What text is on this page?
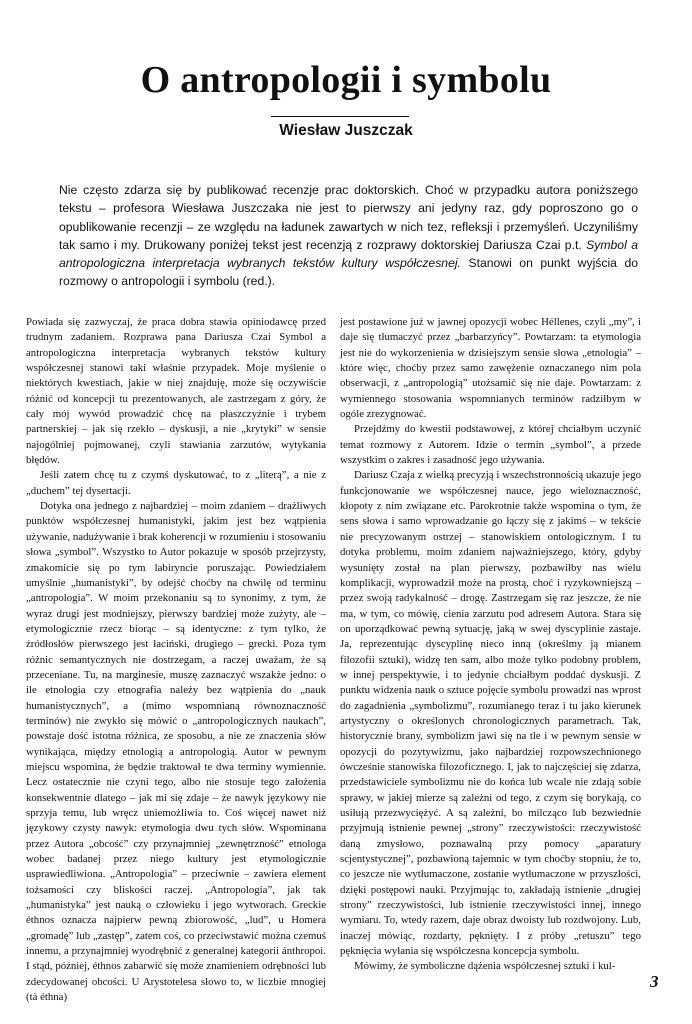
O antropologii i symbolu
Wiesław Juszczak
Nie często zdarza się by publikować recenzje prac doktorskich. Choć w przypadku autora poniższego tekstu – profesora Wiesława Juszczaka nie jest to pierwszy ani jedyny raz, gdy poproszono go o opublikowanie recenzji – ze względu na ładunek zawartych w nich tez, refleksji i przemyśleń. Uczyniliśmy tak samo i my. Drukowany poniżej tekst jest recenzją z rozprawy doktorskiej Dariusza Czai p.t. Symbol a antropologiczna interpretacja wybranych tekstów kultury współczesnej. Stanowi on punkt wyjścia do rozmowy o antropologii i symbolu (red.).

Powiada się zazwyczaj, że praca dobra stawia opiniodawcę przed trudnym zadaniem. Rozprawa pana Dariusza Czai Symbol a antropologiczna interpretacja wybranych tekstów kultury współczesnej stanowi taki właśnie przypadek. Moje myślenie o niektórych kwestiach, jakie w niej znajduję, może się oczywiście różnić od koncepcji tu prezentowanych, ale zastrzegam z góry, że cały mój wywód prowadzić chcę na płaszczyźnie i trybem partnerskiej – jak się rzekło – dyskusji, a nie „krytyki” w sensie najogólniej pojmowanej, czyli stawiania zarzutów, wytykania błędów.

Jeśli zatem chcę tu z czymś dyskutować, to z „literą”, a nie z „duchem” tej dysertacji.

Dotyka ona jednego z najbardziej – moim zdaniem – drażliwych punktów współczesnej humanistyki, jakim jest bez wątpienia używanie, nadużywanie i brak koherencji w rozumieniu i stosowaniu słowa „symbol”. Wszystko to Autor pokazuje w sposób przejrzysty, zmakomicie się po tym labiryncie poruszając. Powiedziałem umyślnie „humanistyki”, by odejść choćby na chwilę od terminu „antropologia”. W moim przekonaniu są to synonimy, z tym, że wyraz drugi jest modniejszy, pierwszy bardziej może zużyty, ale – etymologicznie rzecz biorąc – są identyczne: z tym tylko, że źródłosłów pierwszego jest łaciński, drugiego – grecki. Poza tym różnic semantycznych nie dostrzegam, a raczej uważam, że są przeceniane. Tu, na marginesie, muszę zaznaczyć wszakże jedno: o ile etnologia czy etnografia należy bez wątpienia do „nauk humanistycznych”, a (mimo wspomnianą równoznaczność terminów) nie zwykło się mówić o „antropologicznych naukach”, powstaje dość istotna różnica, ze sposobu, a nie ze znaczenia słów wynikająca, między etnologią a antropologią. Autor w pewnym miejscu wspomina, że będzie traktował te dwa terminy wymiennie. Lecz ostatecznie nie czyni tego, albo nie stosuje tego założenia konsekwentnie dlatego – jak mi się zdaje – że nawyk językowy nie sprzyja temu, lub wręcz uniemożliwia to. Coś więcej nawet niż językowy czysty nawyk: etymologia dwu tych słów. Wspominana przez Autora „obcość” czy przynajmniej „zewnętrzność” etnologa wobec badanej przez niego kultury jest etymologicznie usprawiedliwiona. „Antropologia” – przeciwnie – zawiera element tożsamości czy bliskości raczej. „Antropologia”, jak tak „humanistyka” jest nauką o człowieku i jego wytworach. Greckie éthnos oznacza najpierw pewną zbiorowość, „lud”, u Homera „gromadę” lub „zastęp”, zatem coś, co przeciwstawić można czemuś innemu, a przynajmniej wyodrębnić z generalnej kategorii ánthropoi. I stąd, później, éthnos zabarwić się może znamieniem odrębności lub zdecydowanej obcości. U Arystotelesa słowo to, w liczbie mnogiej (tà éthna)

jest postawione już w jawnej opozycji wobec Héllenes, czyli „my”, i daje się tłumaczyć przez „barbarzyńcy”. Powtarzam: ta etymologia jest nie do wykorzenienia w dzisiejszym sensie słowa „etnologia” – które więc, choćby przez samo zawężenie oznaczanego nim pola obserwacji, z „antropologią” utożsamić się nie daje. Powtarzam: z wymiennego stosowania wspomnianych terminów radziłbym w ogóle zrezygnować.

Przejdźmy do kwestii podstawowej, z której chciałbym uczynić temat rozmowy z Autorem. Idzie o termin „symbol”, a przede wszystkim o zakres i zasadność jego używania.

Dariusz Czaja z wielką precyzją i wszechstronnością ukazuje jego funkcjonowanie we współczesnej nauce, jego wieloznaczność, kłopoty z nim związane etc. Parokrotnie także wspomina o tym, że sens słowa i samo wprowadzanie go łączy się z jakimś – w tekście nie precyzowanym ostrzej – stanowiskiem ontologicznym. I tu dotyka problemu, moim zdaniem najważniejszego, który, gdyby wysunięty został na plan pierwszy, pozbawiłby nas wielu komplikacji, wyprowadził może na prostą, choć i ryzykowniejszą – przez swoją radykalność – drogę. Zastrzegam się raz jeszcze, że nie ma, w tym, co mówię, cienia zarzutu pod adresem Autora. Stara się on uporządkować pewną sytuację, jaką w swej dyscyplinie zastaje. Ja, reprezentując dyscyplinę nieco inną (określmy ją mianem filozofii sztuki), widzę ten sam, albo może tylko podobny problem, w innej perspektywie, i to jedynie chciałbym poddać dyskusji. Z punktu widzenia nauk o sztuce pojęcie symbolu prowadzi nas wprost do zagadnienia „symbolizmu”, rozumianego teraz i tu jako kierunek artystyczny o określonych chronologicznych parametrach. Tak, historycznie brany, symbolizm jawi się na tle i w pewnym sensie w opozycji do pozytywizmu, jako najbardziej rozpowszechnionego ówcześnie stanowiska filozoficznego. I, jak to najczęściej się zdarza, przedstawiciele symbolizmu nie do końca lub wcale nie zdają sobie sprawy, w jakiej mierze są zależni od tego, z czym się borykają, co usiłują przezwyciężyć. A są zależni, bo milcząco lub bezwiednie przyjmują istnienie pewnej „strony” rzeczywistości: rzeczywistość daną zmysłowo, poznawalną przy pomocy „aparatury scjentystycznej”, pozbawioną tajemnic w tym choćby stopniu, że to, co jeszcze nie wytłumaczone, zostanie wytłumaczone w przyszłości, dzięki postępowi nauki. Przyjmując to, zakładają istnienie „drugiej strony” rzeczywistości, lub istnienie rzeczywistości innej, innego wymiaru. To, wtedy razem, daje obraz dwoisty lub rozdwojony. Lub, inaczej mówiąc, rozdarty, pęknięty. I z próby „retuszu” tego pęknięcia wyłania się współczesna koncepcja symbolu.

Mówimy, że symboliczne dążenia współczesnej sztuki i kul-

3
